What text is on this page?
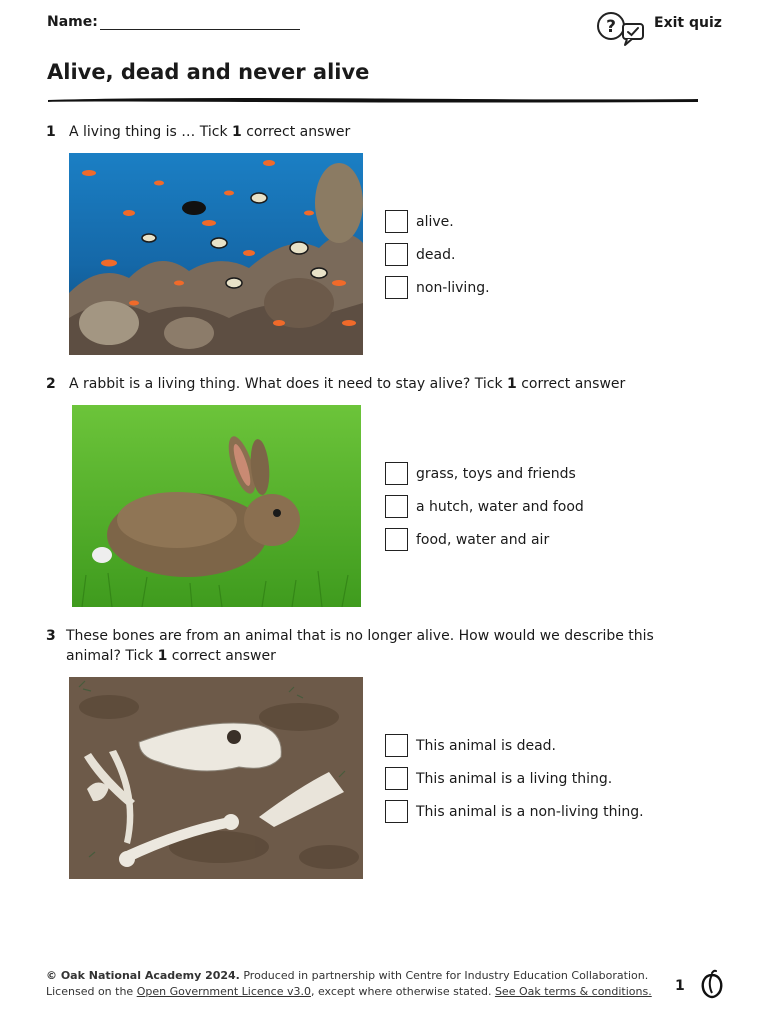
Name:	?	Exit quiz
Alive, dead and never alive
1 A living thing is … Tick 1 correct answer
alive.
dead.
non-living.
2 A rabbit is a living thing. What does it need to stay alive? Tick 1 correct answer
grass, toys and friends
a hutch, water and food
food, water and air
3 These bones are from an animal that is no longer alive. How would we describe this animal? Tick 1 correct answer
This animal is dead.
This animal is a living thing.
This animal is a non-living thing.
© Oak National Academy 2024. Produced in partnership with Centre for Industry Education Collaboration.
Licensed on the Open Government Licence v3.0, except where otherwise stated. See Oak terms & conditions. 1
